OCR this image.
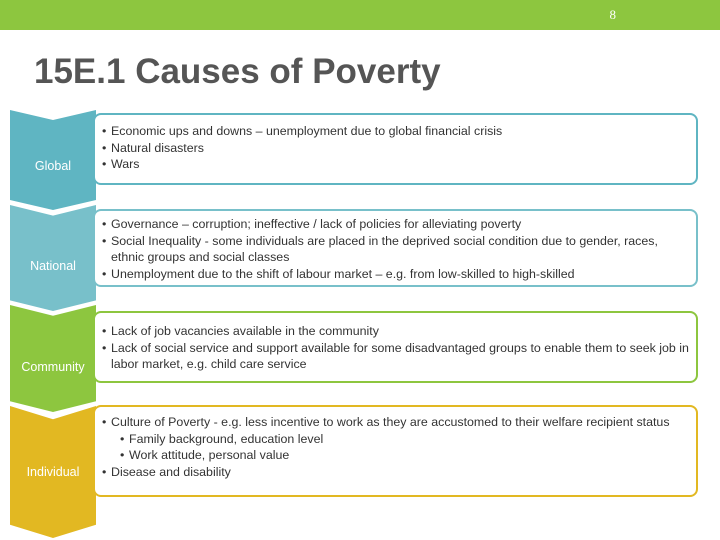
8
15E.1 Causes of Poverty
Global
• Economic ups and downs – unemployment due to global financial crisis
• Natural disasters
• Wars
National
• Governance – corruption; ineffective / lack of policies for alleviating poverty
• Social Inequality - some individuals are placed in the deprived social condition due to gender, races, ethnic groups and social classes
• Unemployment due to the shift of labour market – e.g. from low-skilled to high-skilled
Community
• Lack of job vacancies available in the community
• Lack of social service and support available for some disadvantaged groups to enable them to seek job in labor market, e.g. child care service
Individual
• Culture of Poverty - e.g. less incentive to work as they are accustomed to their welfare recipient status
• Family background, education level
• Work attitude, personal value
• Disease and disability
